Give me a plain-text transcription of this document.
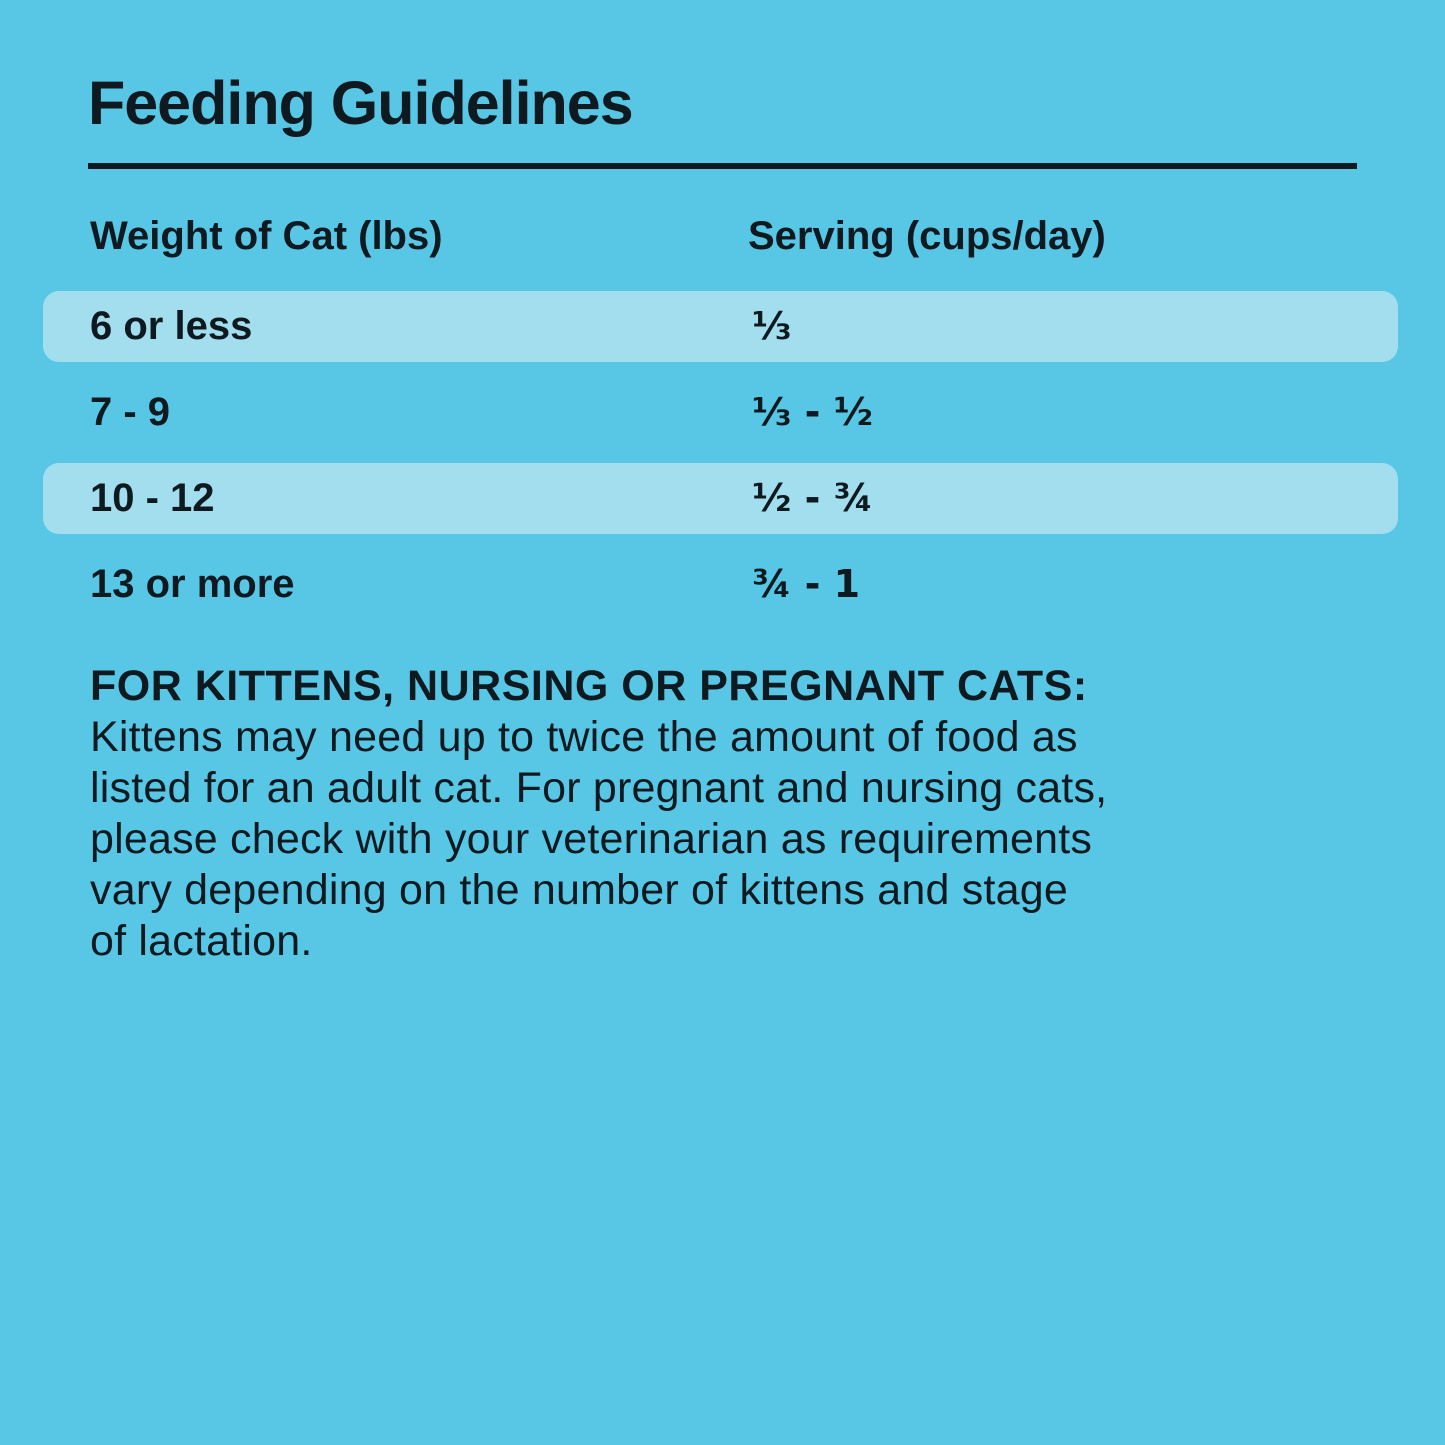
Feeding Guidelines
Weight of Cat (lbs)	Serving (cups/day)
6 or less	⅓
7 - 9	⅓ - ½
10 - 12	½ - ¾
13 or more	¾ - 1
FOR KITTENS, NURSING OR PREGNANT CATS:
Kittens may need up to twice the amount of food as
listed for an adult cat. For pregnant and nursing cats,
please check with your veterinarian as requirements
vary depending on the number of kittens and stage
of lactation.
